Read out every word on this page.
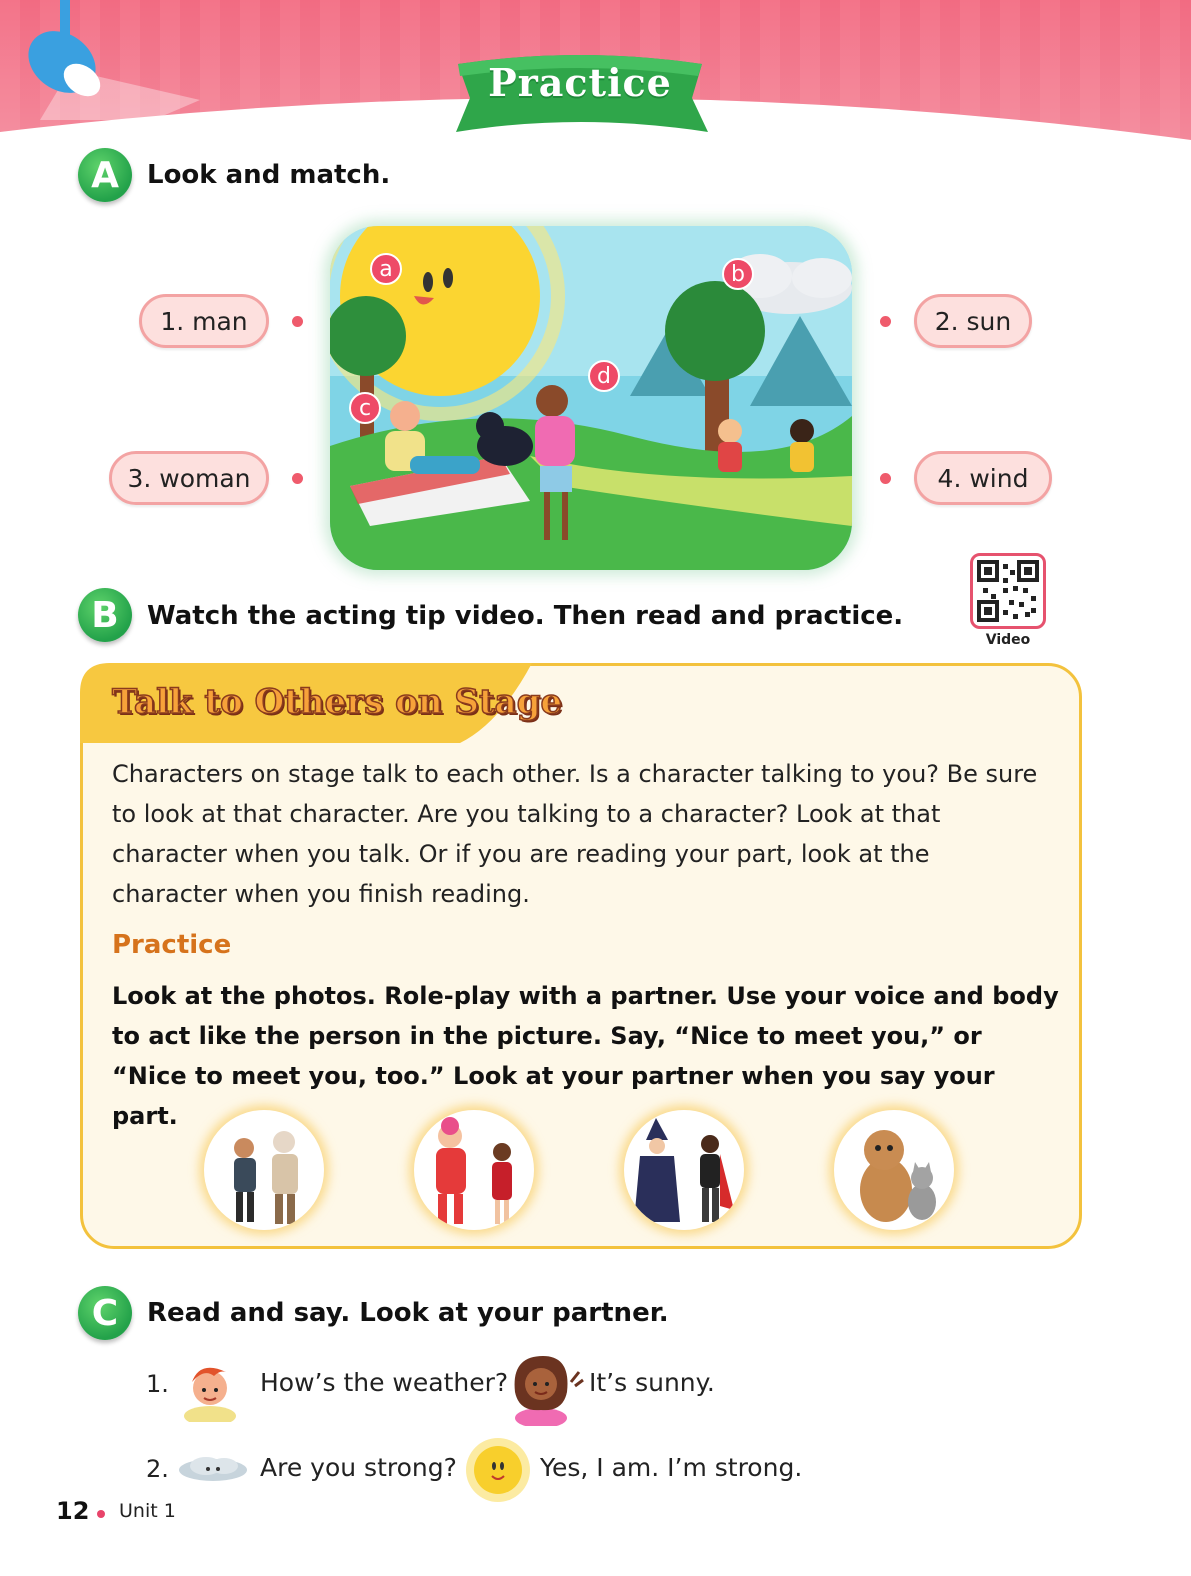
Practice
A	Look and match.
1. man	2. sun
3. woman	4. wind
a	b
c
d
B	Watch the acting tip video. Then read and practice.
Video
Talk to Others on Stage
Characters on stage talk to each other. Is a character talking to you? Be sure to look at that character. Are you talking to a character? Look at that character when you talk. Or if you are reading your part, look at the character when you finish reading.
Practice
Look at the photos. Role-play with a partner. Use your voice and body to act like the person in the picture. Say, “Nice to meet you,” or “Nice to meet you, too.” Look at your partner when you say your part.
C	Read and say. Look at your partner.
1.	How’s the weather?	It’s sunny.
2.	Are you strong?	Yes, I am. I’m strong.
12 Unit 1
